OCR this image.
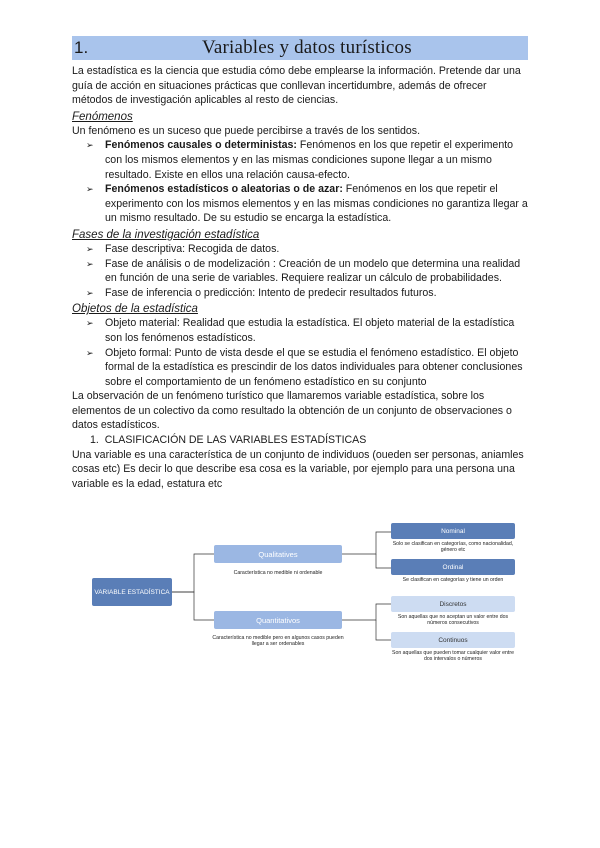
1.	Variables y datos turísticos

La estadística es la ciencia que estudia cómo debe emplearse la información. Pretende dar una guía de acción en situaciones prácticas que conllevan incertidumbre, además de ofrecer métodos de investigación aplicables al resto de ciencias.

Fenómenos

Un fenómeno es un suceso que puede percibirse a través de los sentidos.

➢ Fenómenos causales o deterministas: Fenómenos en los que repetir el experimento con los mismos elementos y en las mismas condiciones supone llegar a un mismo resultado. Existe en ellos una relación causa-efecto.
➢ Fenómenos estadísticos o aleatorias o de azar: Fenómenos en los que repetir el experimento con los mismos elementos y en las mismas condiciones no garantiza llegar a un mismo resultado. De su estudio se encarga la estadística.

Fases de la investigación estadística

➢ Fase descriptiva: Recogida de datos.
➢ Fase de análisis o de modelización : Creación de un modelo que determina una realidad en función de una serie de variables. Requiere realizar un cálculo de probabilidades.
➢ Fase de inferencia o predicción: Intento de predecir resultados futuros.

Objetos de la estadística

➢ Objeto material: Realidad que estudia la estadística. El objeto material de la estadística son los fenómenos estadísticos.
➢ Objeto formal: Punto de vista desde el que se estudia el fenómeno estadístico. El objeto formal de la estadística es prescindir de los datos individuales para obtener conclusiones sobre el comportamiento de un fenómeno estadístico en su conjunto

La observación de un fenómeno turístico que llamaremos variable estadística, sobre los elementos de un colectivo da como resultado la obtención de un conjunto de observaciones o datos estadísticos.

1. CLASIFICACIÓN DE LAS VARIABLES ESTADÍSTICAS

Una variable es una característica de un conjunto de individuos (oueden ser personas, aniamles cosas etc) Es decir lo que describe esa cosa es la variable, por ejemplo para una persona una variable es la edad, estatura etc

VARIABLE ESTADÍSTICA
Qualitatives
Característica no medible ni ordenable
Quantitativos
Característica no medible pero en algunos casos pueden llegar a ser ordenables
Nominal
Solo se clasifican en categorías, como nacionalidad, género etc
Ordinal
Se clasifican en categorías y tiene un orden
Discretos
Son aquellas que no aceptan un valor entre dos números consecutivos
Continuos
Son aquellas que pueden tomar cualquier valor entre dos intervalos o números
